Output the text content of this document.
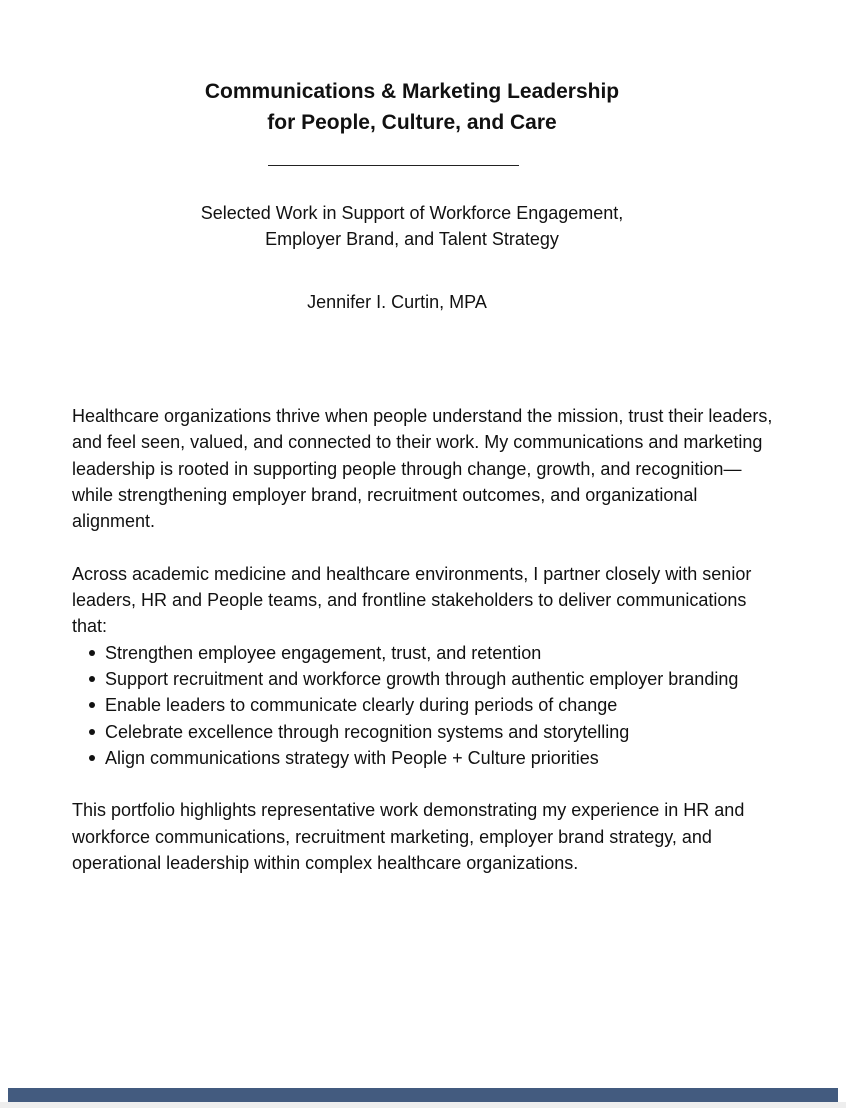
Communications & Marketing Leadership
for People, Culture, and Care
Selected Work in Support of Workforce Engagement,
Employer Brand, and Talent Strategy
Jennifer I. Curtin, MPA

Healthcare organizations thrive when people understand the mission, trust their leaders, and feel seen, valued, and connected to their work. My communications and marketing leadership is rooted in supporting people through change, growth, and recognition—while strengthening employer brand, recruitment outcomes, and organizational alignment.

Across academic medicine and healthcare environments, I partner closely with senior leaders, HR and People teams, and frontline stakeholders to deliver communications that:

Strengthen employee engagement, trust, and retention
Support recruitment and workforce growth through authentic employer branding
Enable leaders to communicate clearly during periods of change
Celebrate excellence through recognition systems and storytelling
Align communications strategy with People + Culture priorities

This portfolio highlights representative work demonstrating my experience in HR and workforce communications, recruitment marketing, employer brand strategy, and operational leadership within complex healthcare organizations.
